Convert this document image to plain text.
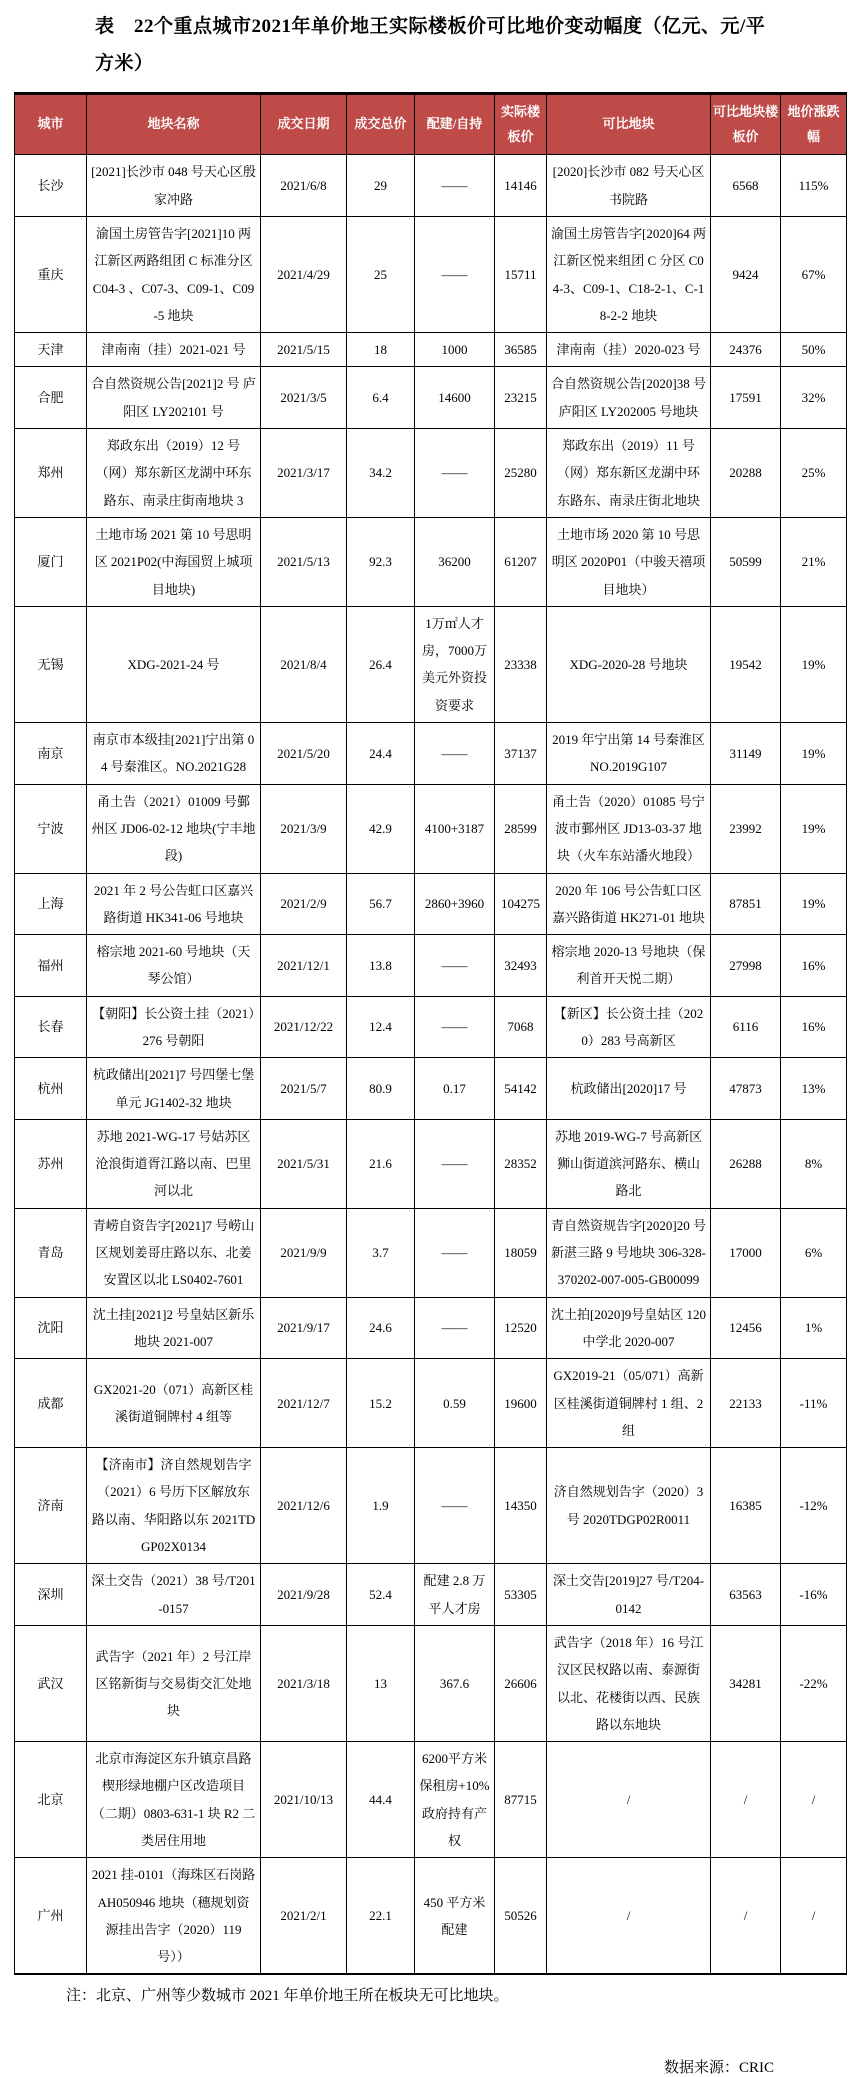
表　22个重点城市2021年单价地王实际楼板价可比地价变动幅度（亿元、元/平方米）
城市	地块名称	成交日期	成交总价	配建/自持	实际楼板价	可比地块	可比地块楼板价	地价涨跌幅
长沙	[2021]长沙市 048 号天心区殷家冲路	2021/6/8	29	——	14146	[2020]长沙市 082 号天心区书院路	6568	115%
重庆	渝国土房管告字[2021]10 两江新区两路组团 C 标准分区 C04-3 、C07-3、C09-1、C09-5 地块	2021/4/29	25	——	15711	渝国土房管告字[2020]64 两江新区悦来组团 C 分区 C04-3、C09-1、C18-2-1、C-18-2-2 地块	9424	67%
天津	津南南（挂）2021-021 号	2021/5/15	18	1000	36585	津南南（挂）2020-023 号	24376	50%
合肥	合自然资规公告[2021]2 号 庐阳区 LY202101 号	2021/3/5	6.4	14600	23215	合自然资规公告[2020]38 号 庐阳区 LY202005 号地块	17591	32%
郑州	郑政东出（2019）12 号（网）郑东新区龙湖中环东路东、南录庄街南地块 3	2021/3/17	34.2	——	25280	郑政东出（2019）11 号（网）郑东新区龙湖中环东路东、南录庄街北地块	20288	25%
厦门	土地市场 2021 第 10 号思明区 2021P02(中海国贸上城项目地块)	2021/5/13	92.3	36200	61207	土地市场 2020 第 10 号思明区 2020P01（中骏天禧项目地块）	50599	21%
无锡	XDG-2021-24 号	2021/8/4	26.4	1万㎡人才房，7000万美元外资投资要求	23338	XDG-2020-28 号地块	19542	19%
南京	南京市本级挂[2021]宁出第 04 号秦淮区。NO.2021G28	2021/5/20	24.4	——	37137	2019 年宁出第 14 号秦淮区 NO.2019G107	31149	19%
宁波	甬土告（2021）01009 号鄞州区 JD06-02-12 地块(宁丰地段)	2021/3/9	42.9	4100+3187	28599	甬土告（2020）01085 号宁波市鄞州区 JD13-03-37 地块（火车东站潘火地段）	23992	19%
上海	2021 年 2 号公告虹口区嘉兴路街道 HK341-06 号地块	2021/2/9	56.7	2860+3960	104275	2020 年 106 号公告虹口区嘉兴路街道 HK271-01 地块	87851	19%
福州	榕宗地 2021-60 号地块（天琴公馆）	2021/12/1	13.8	——	32493	榕宗地 2020-13 号地块（保利首开天悦二期）	27998	16%
长春	【朝阳】长公资土挂（2021）276 号朝阳	2021/12/22	12.4	——	7068	【新区】长公资土挂（2020）283 号高新区	6116	16%
杭州	杭政储出[2021]7 号四堡七堡单元 JG1402-32 地块	2021/5/7	80.9	0.17	54142	杭政储出[2020]17 号	47873	13%
苏州	苏地 2021-WG-17 号姑苏区沧浪街道胥江路以南、巴里河以北	2021/5/31	21.6	——	28352	苏地 2019-WG-7 号高新区狮山街道滨河路东、横山路北	26288	8%
青岛	青崂自资告字[2021]7 号崂山区规划姜哥庄路以东、北姜安置区以北 LS0402-7601	2021/9/9	3.7	——	18059	青自然资规告字[2020]20 号新湛三路 9 号地块 306-328-370202-007-005-GB00099	17000	6%
沈阳	沈土挂[2021]2 号皇姑区新乐地块 2021-007	2021/9/17	24.6	——	12520	沈土拍[2020]9号皇姑区 120 中学北 2020-007	12456	1%
成都	GX2021-20（071）高新区桂溪街道铜牌村 4 组等	2021/12/7	15.2	0.59	19600	GX2019-21（05/071）高新区桂溪街道铜牌村 1 组、2 组	22133	-11%
济南	【济南市】济自然规划告字（2021）6 号历下区解放东路以南、华阳路以东 2021TDGP02X0134	2021/12/6	1.9	——	14350	济自然规划告字（2020）3 号 2020TDGP02R0011	16385	-12%
深圳	深土交告（2021）38 号/T201-0157	2021/9/28	52.4	配建 2.8 万平人才房	53305	深土交告[2019]27 号/T204-0142	63563	-16%
武汉	武告字（2021 年）2 号江岸区铭新街与交易街交汇处地块	2021/3/18	13	367.6	26606	武告字（2018 年）16 号江汉区民权路以南、泰源街以北、花楼街以西、民族路以东地块	34281	-22%
北京	北京市海淀区东升镇京昌路楔形绿地棚户区改造项目（二期）0803-631-1 块 R2 二类居住用地	2021/10/13	44.4	6200平方米保租房+10%政府持有产权	87715	/	/	/
广州	2021 挂-0101（海珠区石岗路 AH050946 地块（穗规划资源挂出告字（2020）119 号））	2021/2/1	22.1	450 平方米配建	50526	/	/	/
注：北京、广州等少数城市 2021 年单价地王所在板块无可比地块。
数据来源：CRIC
